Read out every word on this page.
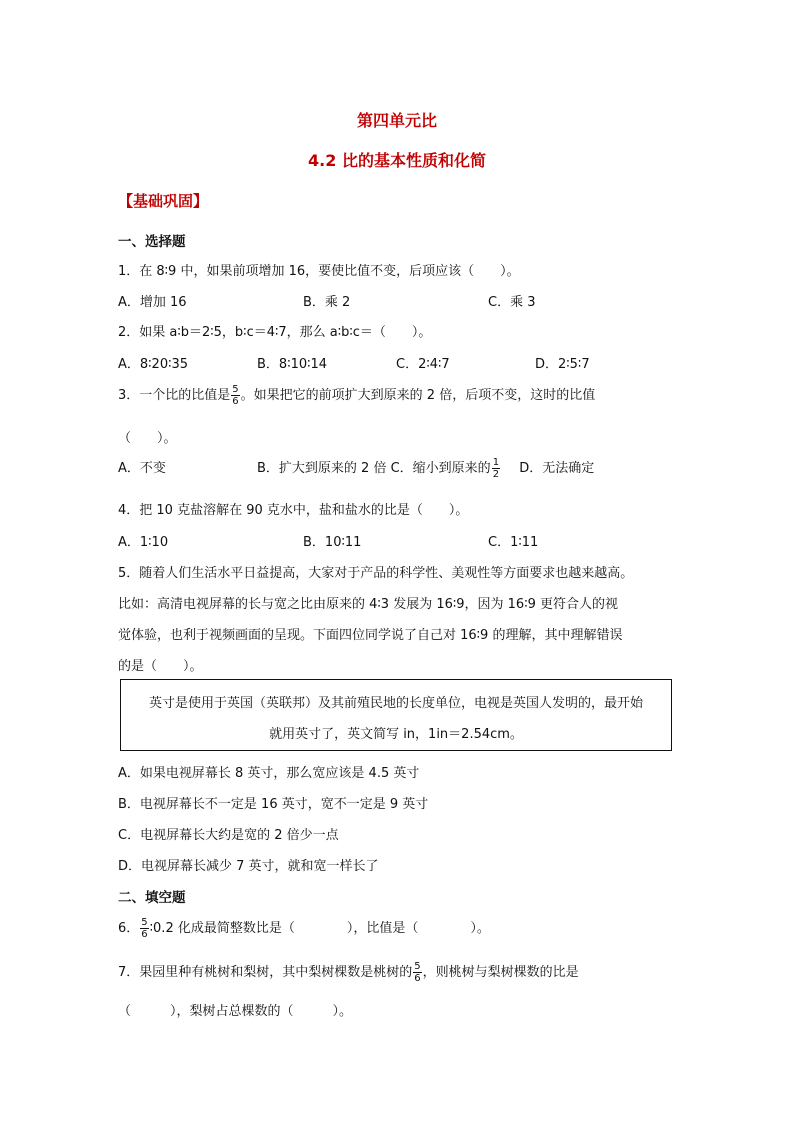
第四单元比
4.2 比的基本性质和化简
【基础巩固】
一、选择题
1．在 8∶9 中，如果前项增加 16，要使比值不变，后项应该（　　）。
A．增加 16	B．乘 2	C．乘 3
2．如果 a∶b＝2∶5，b∶c＝4∶7，那么 a∶b∶c＝（　　）。
A．8∶20∶35	B．8∶10∶14	C．2∶4∶7	D．2∶5∶7
3．一个比的比值是 $\frac{5}{6}$ 。如果把它的前项扩大到原来的 2 倍，后项不变，这时的比值
（　　）。
A．不变	B．扩大到原来的 2 倍 C．缩小到原来的 $\frac{1}{2}$ D．无法确定
4．把 10 克盐溶解在 90 克水中，盐和盐水的比是（　　）。
A．1∶10	B．10∶11	C．1∶11
5．随着人们生活水平日益提高，大家对于产品的科学性、美观性等方面要求也越来越高。
比如：高清电视屏幕的长与宽之比由原来的 4∶3 发展为 16∶9，因为 16∶9 更符合人的视
觉体验，也利于视频画面的呈现。下面四位同学说了自己对 16∶9 的理解，其中理解错误
的是（　　）。
英寸是使用于英国（英联邦）及其前殖民地的长度单位，电视是英国人发明的，最开始
就用英寸了，英文简写 in，1in＝2.54cm。
A．如果电视屏幕长 8 英寸，那么宽应该是 4.5 英寸
B．电视屏幕长不一定是 16 英寸，宽不一定是 9 英寸
C．电视屏幕长大约是宽的 2 倍少一点
D．电视屏幕长减少 7 英寸，就和宽一样长了
二、填空题
6． $\frac{5}{6}$ ∶0.2 化成最简整数比是（　　　　），比值是（　　　　）。
7．果园里种有桃树和梨树，其中梨树棵数是桃树的 $\frac{5}{6}$ ，则桃树与梨树棵数的比是
（　　　），梨树占总棵数的（　　　）。
